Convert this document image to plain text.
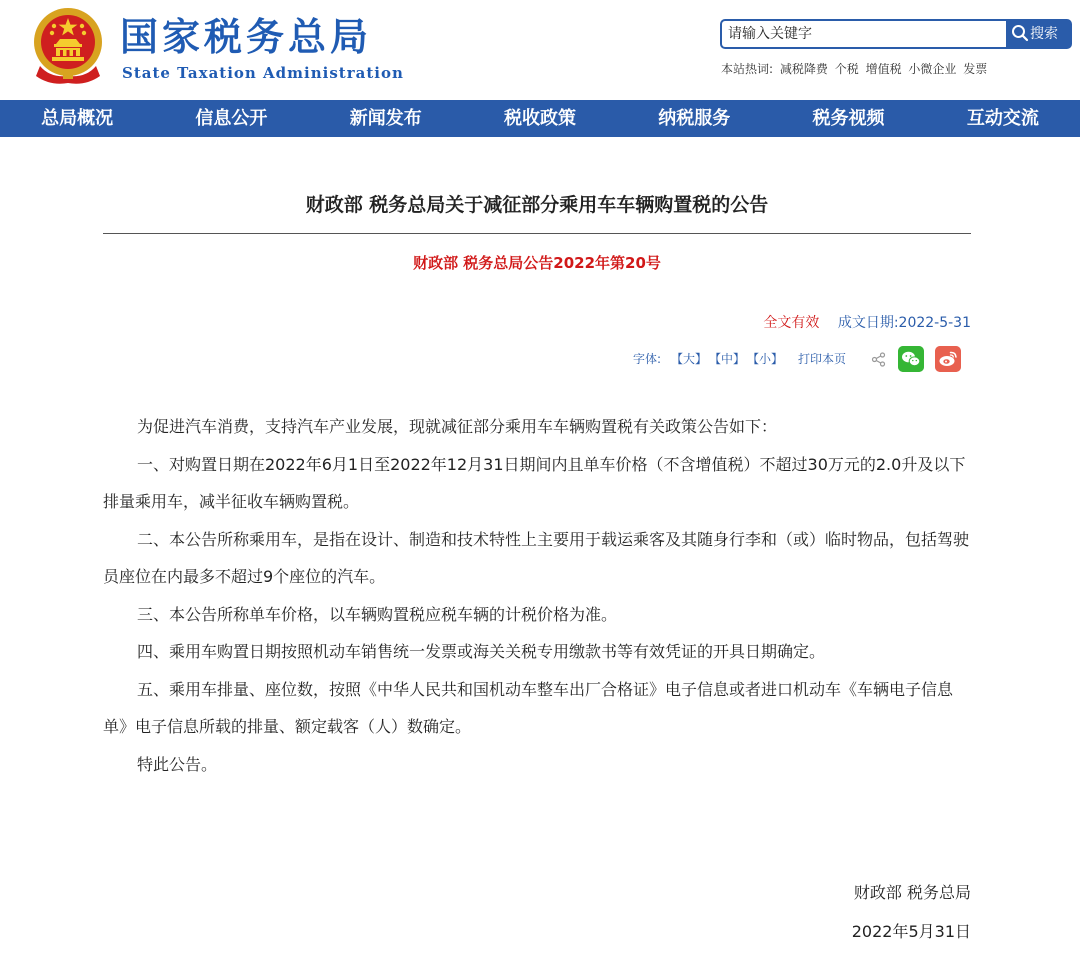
国家税务总局
State Taxation Administration
请输入关键字
搜索
本站热词: 减税降费 个税 增值税 小微企业 发票
总局概况	信息公开	新闻发布	税收政策	纳税服务	税务视频	互动交流
财政部 税务总局关于减征部分乘用车车辆购置税的公告
财政部 税务总局公告2022年第20号
全文有效 成文日期:2022-5-31
字体: 【大】 【中】 【小】 打印本页

为促进汽车消费，支持汽车产业发展，现就减征部分乘用车车辆购置税有关政策公告如下：

一、对购置日期在2022年6月1日至2022年12月31日期间内且单车价格（不含增值税）不超过30万元的2.0升及以下排量乘用车，减半征收车辆购置税。

二、本公告所称乘用车，是指在设计、制造和技术特性上主要用于载运乘客及其随身行李和（或）临时物品，包括驾驶员座位在内最多不超过9个座位的汽车。

三、本公告所称单车价格，以车辆购置税应税车辆的计税价格为准。

四、乘用车购置日期按照机动车销售统一发票或海关关税专用缴款书等有效凭证的开具日期确定。

五、乘用车排量、座位数，按照《中华人民共和国机动车整车出厂合格证》电子信息或者进口机动车《车辆电子信息单》电子信息所载的排量、额定载客（人）数确定。

特此公告。

财政部 税务总局
2022年5月31日
